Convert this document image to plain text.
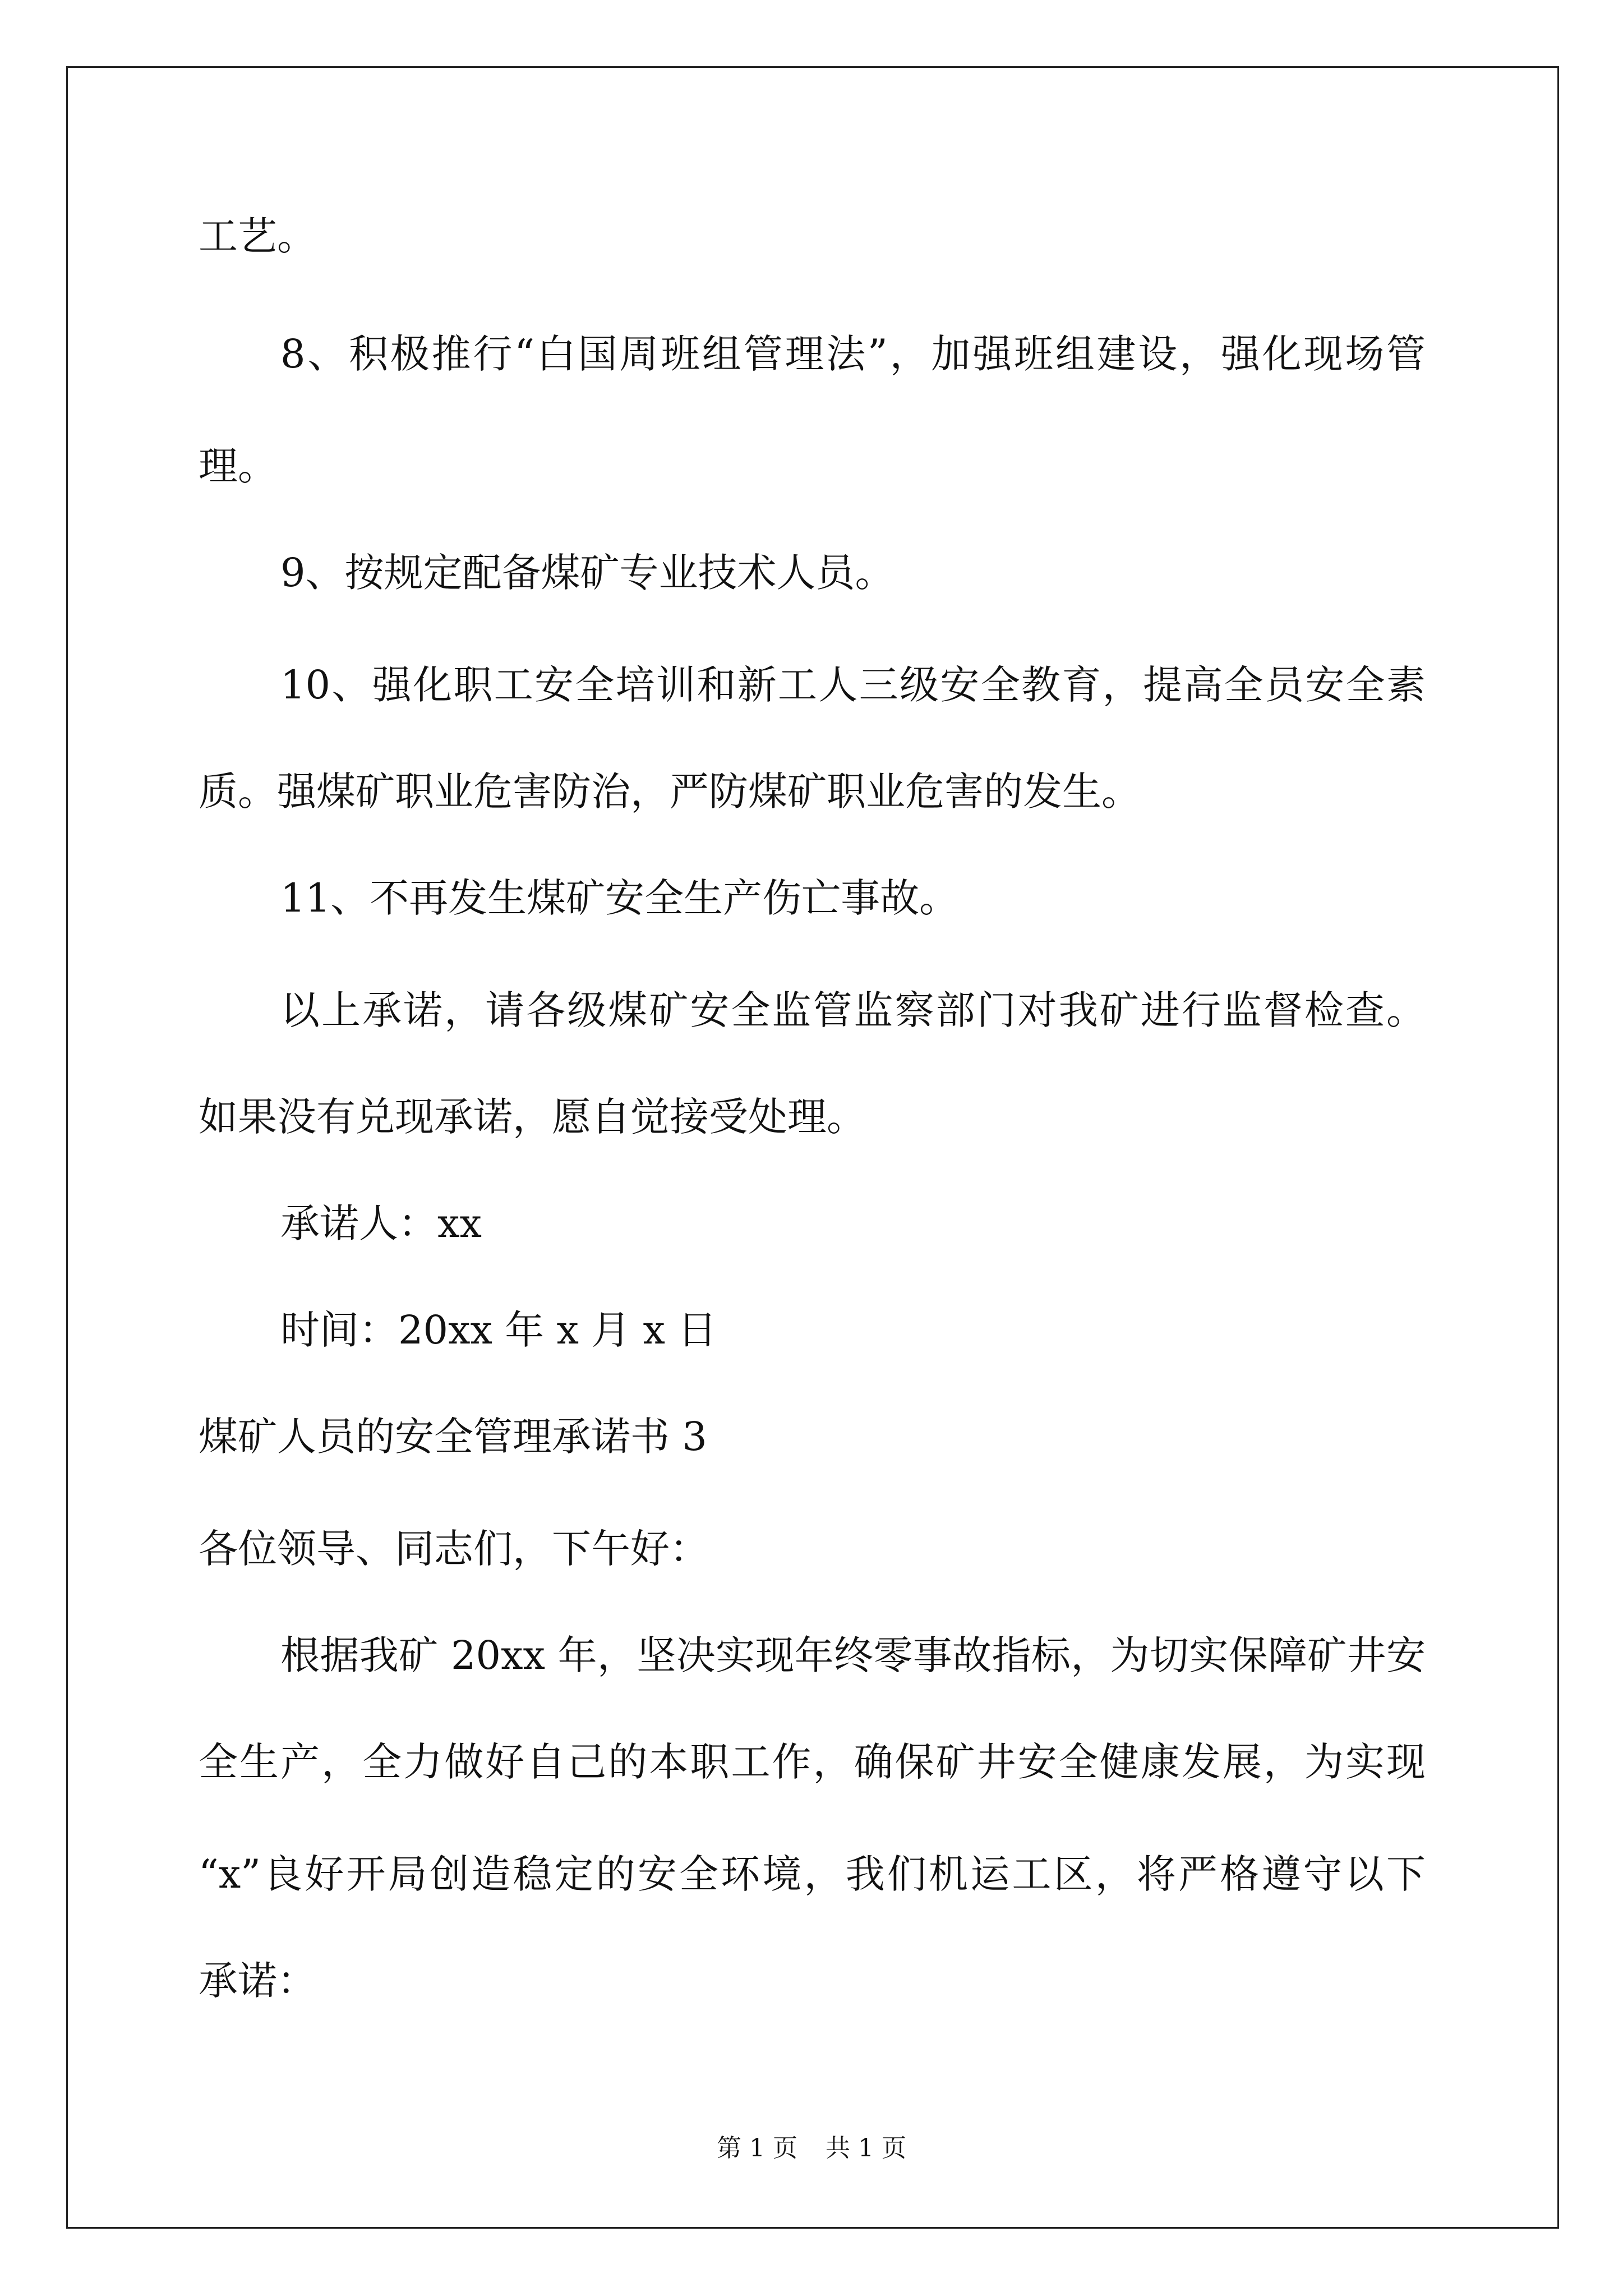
工艺。
8、积极推行“白国周班组管理法”，加强班组建设，强化现场管
理。
9、按规定配备煤矿专业技术人员。
10、强化职工安全培训和新工人三级安全教育，提高全员安全素
质。强煤矿职业危害防治，严防煤矿职业危害的发生。
11、不再发生煤矿安全生产伤亡事故。
以上承诺，请各级煤矿安全监管监察部门对我矿进行监督检查。
如果没有兑现承诺，愿自觉接受处理。
承诺人：xx
时间：20xx 年 x 月 x 日
煤矿人员的安全管理承诺书 3
各位领导、同志们，下午好：
根据我矿 20xx 年，坚决实现年终零事故指标，为切实保障矿井安
全生产，全力做好自己的本职工作，确保矿井安全健康发展，为实现
“x”良好开局创造稳定的安全环境，我们机运工区，将严格遵守以下
承诺：
第 1 页 共 1 页
